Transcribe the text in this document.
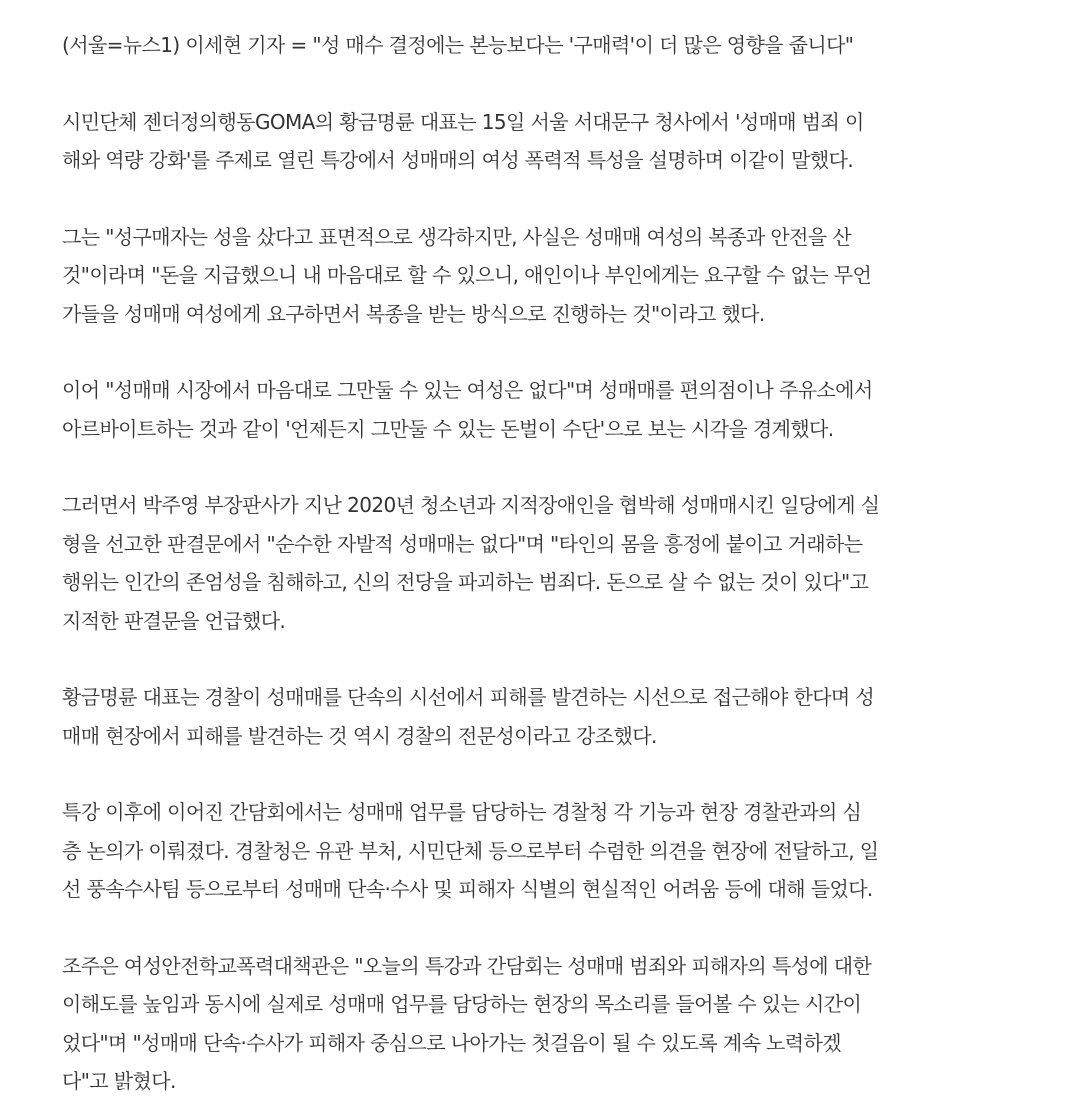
(서울=뉴스1) 이세현 기자 = "성 매수 결정에는 본능보다는 '구매력'이 더 많은 영향을 줍니다"

시민단체 젠더정의행동GOMA의 황금명륜 대표는 15일 서울 서대문구 청사에서 '성매매 범죄 이
해와 역량 강화'를 주제로 열린 특강에서 성매매의 여성 폭력적 특성을 설명하며 이같이 말했다.

그는 "성구매자는 성을 샀다고 표면적으로 생각하지만, 사실은 성매매 여성의 복종과 안전을 산
것"이라며 "돈을 지급했으니 내 마음대로 할 수 있으니, 애인이나 부인에게는 요구할 수 없는 무언
가들을 성매매 여성에게 요구하면서 복종을 받는 방식으로 진행하는 것"이라고 했다.

이어 "성매매 시장에서 마음대로 그만둘 수 있는 여성은 없다"며 성매매를 편의점이나 주유소에서
아르바이트하는 것과 같이 '언제든지 그만둘 수 있는 돈벌이 수단'으로 보는 시각을 경계했다.

그러면서 박주영 부장판사가 지난 2020년 청소년과 지적장애인을 협박해 성매매시킨 일당에게 실
형을 선고한 판결문에서 "순수한 자발적 성매매는 없다"며 "타인의 몸을 흥정에 붙이고 거래하는
행위는 인간의 존엄성을 침해하고, 신의 전당을 파괴하는 범죄다. 돈으로 살 수 없는 것이 있다"고
지적한 판결문을 언급했다.

황금명륜 대표는 경찰이 성매매를 단속의 시선에서 피해를 발견하는 시선으로 접근해야 한다며 성
매매 현장에서 피해를 발견하는 것 역시 경찰의 전문성이라고 강조했다.

특강 이후에 이어진 간담회에서는 성매매 업무를 담당하는 경찰청 각 기능과 현장 경찰관과의 심
층 논의가 이뤄졌다. 경찰청은 유관 부처, 시민단체 등으로부터 수렴한 의견을 현장에 전달하고, 일
선 풍속수사팀 등으로부터 성매매 단속·수사 및 피해자 식별의 현실적인 어려움 등에 대해 들었다.

조주은 여성안전학교폭력대책관은 "오늘의 특강과 간담회는 성매매 범죄와 피해자의 특성에 대한
이해도를 높임과 동시에 실제로 성매매 업무를 담당하는 현장의 목소리를 들어볼 수 있는 시간이
었다"며 "성매매 단속·수사가 피해자 중심으로 나아가는 첫걸음이 될 수 있도록 계속 노력하겠
다"고 밝혔다.
